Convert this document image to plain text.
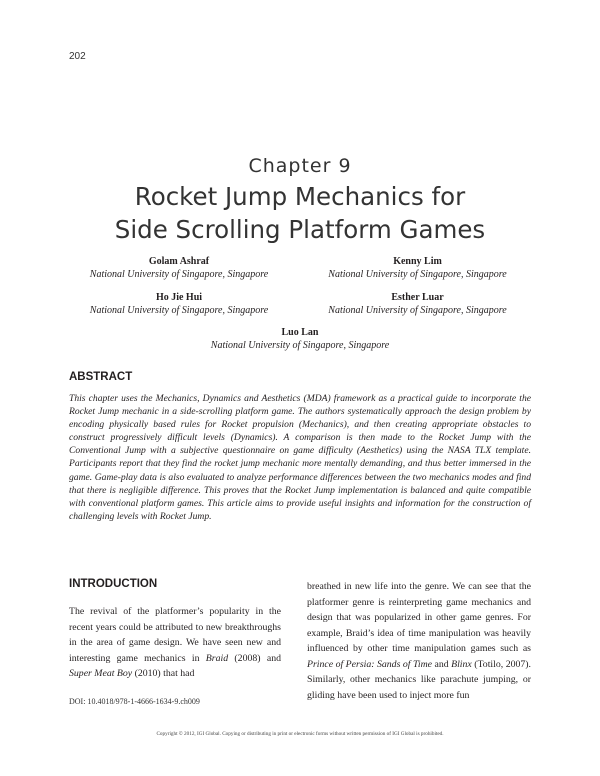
202
Chapter 9
Rocket Jump Mechanics for
Side Scrolling Platform Games
Golam Ashraf
National University of Singapore, Singapore
Kenny Lim
National University of Singapore, Singapore
Ho Jie Hui
National University of Singapore, Singapore
Esther Luar
National University of Singapore, Singapore
Luo Lan
National University of Singapore, Singapore
ABSTRACT
This chapter uses the Mechanics, Dynamics and Aesthetics (MDA) framework as a practical guide to incorporate the Rocket Jump mechanic in a side-scrolling platform game. The authors systematically approach the design problem by encoding physically based rules for Rocket propulsion (Mechanics), and then creating appropriate obstacles to construct progressively difficult levels (Dynamics). A comparison is then made to the Rocket Jump with the Conventional Jump with a subjective questionnaire on game difficulty (Aesthetics) using the NASA TLX template. Participants report that they find the rocket jump mechanic more mentally demanding, and thus better immersed in the game. Game-play data is also evaluated to analyze performance differences between the two mechanics modes and find that there is negligible difference. This proves that the Rocket Jump implementation is balanced and quite compatible with conventional platform games. This article aims to provide useful insights and information for the construction of challenging levels with Rocket Jump.
INTRODUCTION
The revival of the platformer’s popularity in the recent years could be attributed to new breakthroughs in the area of game design. We have seen new and interesting game mechanics in Braid (2008) and Super Meat Boy (2010) that had
breathed in new life into the genre. We can see that the platformer genre is reinterpreting game mechanics and design that was popularized in other game genres. For example, Braid’s idea of time manipulation was heavily influenced by other time manipulation games such as Prince of Persia: Sands of Time and Blinx (Totilo, 2007). Similarly, other mechanics like parachute jumping, or gliding have been used to inject more fun
DOI: 10.4018/978-1-4666-1634-9.ch009
Copyright © 2012, IGI Global. Copying or distributing in print or electronic forms without written permission of IGI Global is prohibited.
